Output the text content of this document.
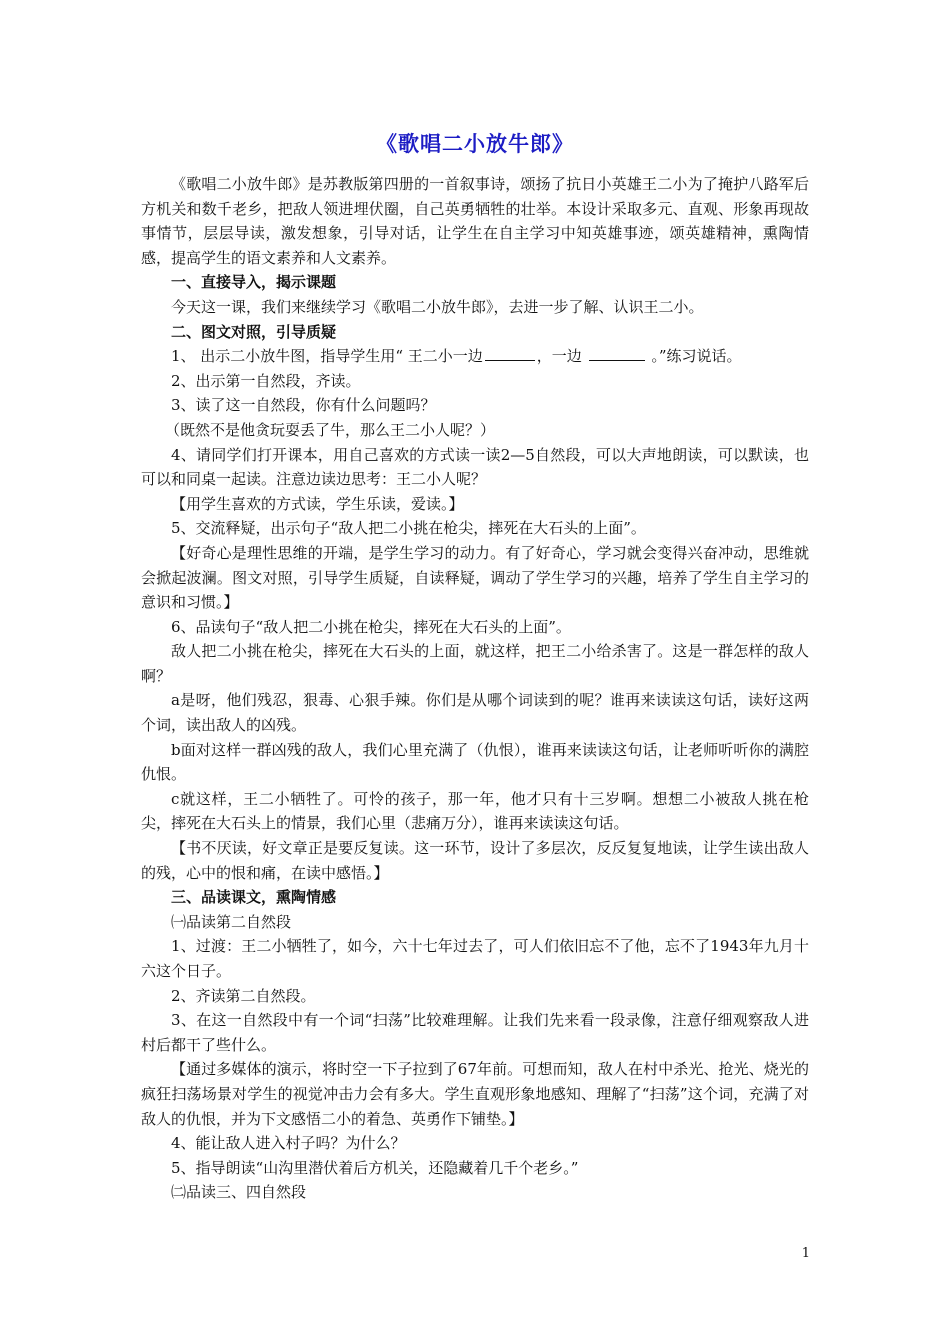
《歌唱二小放牛郎》

《歌唱二小放牛郎》是苏教版第四册的一首叙事诗，颂扬了抗日小英雄王二小为了掩护八路军后方机关和数千老乡，把敌人领进埋伏圈，自己英勇牺牲的壮举。本设计采取多元、直观、形象再现故事情节，层层导读，激发想象，引导对话，让学生在自主学习中知英雄事迹，颂英雄精神，熏陶情感，提高学生的语文素养和人文素养。

一、直接导入，揭示课题

今天这一课，我们来继续学习《歌唱二小放牛郎》，去进一步了解、认识王二小。

二、图文对照，引导质疑

1、 出示二小放牛图，指导学生用“ 王二小一边	，一边	。”练习说话。

2、出示第一自然段，齐读。

3、读了这一自然段，你有什么问题吗？

（既然不是他贪玩耍丢了牛，那么王二小人呢？）

4、请同学们打开课本，用自己喜欢的方式读一读2—5自然段，可以大声地朗读，可以默读，也可以和同桌一起读。注意边读边思考：王二小人呢？

【用学生喜欢的方式读，学生乐读，爱读。】

5、交流释疑，出示句子“敌人把二小挑在枪尖，摔死在大石头的上面”。

【好奇心是理性思维的开端，是学生学习的动力。有了好奇心，学习就会变得兴奋冲动，思维就会掀起波澜。图文对照，引导学生质疑，自读释疑，调动了学生学习的兴趣，培养了学生自主学习的意识和习惯。】

6、品读句子“敌人把二小挑在枪尖，摔死在大石头的上面”。

敌人把二小挑在枪尖，摔死在大石头的上面，就这样，把王二小给杀害了。这是一群怎样的敌人啊？

a是呀，他们残忍，狠毒、心狠手辣。你们是从哪个词读到的呢？谁再来读读这句话，读好这两个词，读出敌人的凶残。

b面对这样一群凶残的敌人，我们心里充满了（仇恨），谁再来读读这句话，让老师听听你的满腔仇恨。

c就这样，王二小牺牲了。可怜的孩子，那一年，他才只有十三岁啊。想想二小被敌人挑在枪尖，摔死在大石头上的情景，我们心里（悲痛万分），谁再来读读这句话。

【书不厌读，好文章正是要反复读。这一环节，设计了多层次，反反复复地读，让学生读出敌人的残，心中的恨和痛，在读中感悟。】

三、品读课文，熏陶情感

㈠品读第二自然段

1、过渡：王二小牺牲了，如今，六十七年过去了，可人们依旧忘不了他，忘不了1943年九月十六这个日子。

2、齐读第二自然段。

3、在这一自然段中有一个词“扫荡”比较难理解。让我们先来看一段录像，注意仔细观察敌人进村后都干了些什么。

【通过多媒体的演示，将时空一下子拉到了67年前。可想而知，敌人在村中杀光、抢光、烧光的疯狂扫荡场景对学生的视觉冲击力会有多大。学生直观形象地感知、理解了“扫荡”这个词，充满了对敌人的仇恨，并为下文感悟二小的着急、英勇作下铺垫。】

4、能让敌人进入村子吗？为什么？

5、指导朗读“山沟里潜伏着后方机关，还隐藏着几千个老乡。”

㈡品读三、四自然段

1
